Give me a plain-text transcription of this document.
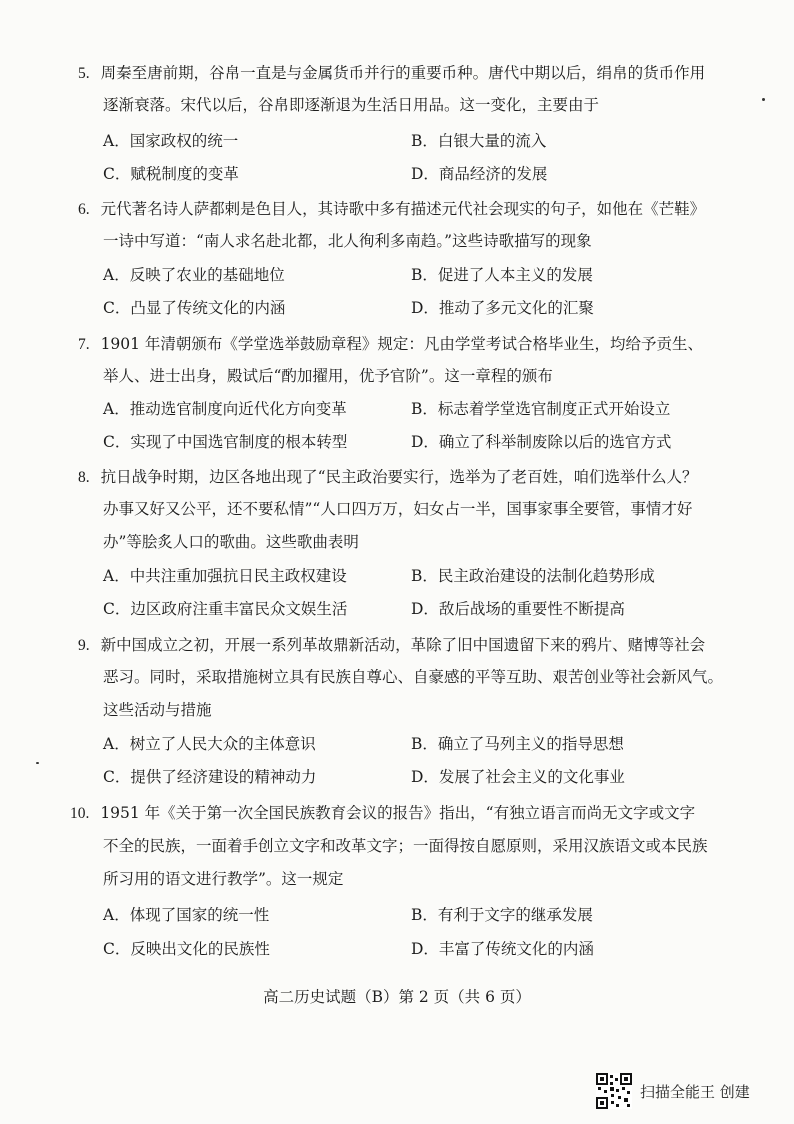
5. 周秦至唐前期，谷帛一直是与金属货币并行的重要币种。唐代中期以后，绢帛的货币作用
逐渐衰落。宋代以后，谷帛即逐渐退为生活日用品。这一变化，主要由于
A．国家政权的统一	B．白银大量的流入
C．赋税制度的变革	D．商品经济的发展
6. 元代著名诗人萨都剌是色目人，其诗歌中多有描述元代社会现实的句子，如他在《芒鞋》
一诗中写道：“南人求名赴北都，北人徇利多南趋。”这些诗歌描写的现象
A．反映了农业的基础地位	B．促进了人本主义的发展
C．凸显了传统文化的内涵	D．推动了多元文化的汇聚
7. 1901 年清朝颁布《学堂选举鼓励章程》规定：凡由学堂考试合格毕业生，均给予贡生、
举人、进士出身，殿试后“酌加擢用，优予官阶”。这一章程的颁布
A．推动选官制度向近代化方向变革	B．标志着学堂选官制度正式开始设立
C．实现了中国选官制度的根本转型	D．确立了科举制废除以后的选官方式
8. 抗日战争时期，边区各地出现了“民主政治要实行，选举为了老百姓，咱们选举什么人？
办事又好又公平，还不要私情”“人口四万万，妇女占一半，国事家事全要管，事情才好
办”等脍炙人口的歌曲。这些歌曲表明
A．中共注重加强抗日民主政权建设	B．民主政治建设的法制化趋势形成
C．边区政府注重丰富民众文娱生活	D．敌后战场的重要性不断提高
9. 新中国成立之初，开展一系列革故鼎新活动，革除了旧中国遗留下来的鸦片、赌博等社会
恶习。同时，采取措施树立具有民族自尊心、自豪感的平等互助、艰苦创业等社会新风气。
这些活动与措施
A．树立了人民大众的主体意识	B．确立了马列主义的指导思想
C．提供了经济建设的精神动力	D．发展了社会主义的文化事业
10. 1951 年《关于第一次全国民族教育会议的报告》指出，“有独立语言而尚无文字或文字
不全的民族，一面着手创立文字和改革文字；一面得按自愿原则，采用汉族语文或本民族
所习用的语文进行教学”。这一规定
A．体现了国家的统一性	B．有利于文字的继承发展
C．反映出文化的民族性	D．丰富了传统文化的内涵
高二历史试题（B）第 2 页（共 6 页）
扫描全能王 创建
